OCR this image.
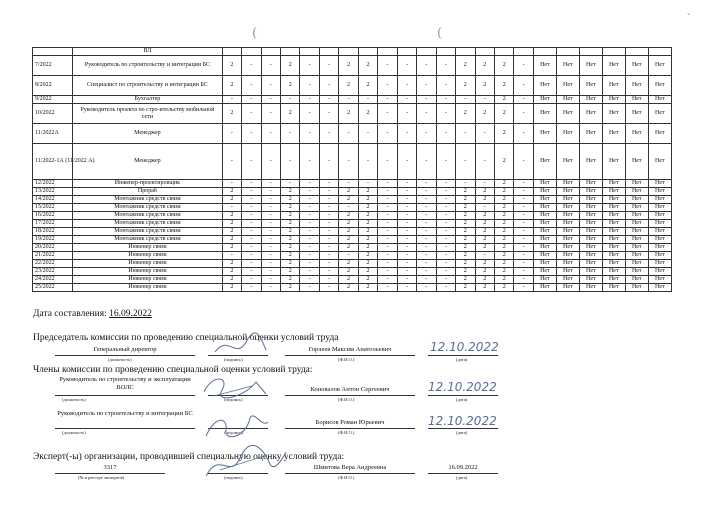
(	(
ˇ
	ВЛ																						
7/2022	Руководитель по строительству и интеграции БС	2	-	-	2	-	-	2	2	-	-	-	-	2	2	2	-	Нет	Нет	Нет	Нет	Нет	Нет
8/2022	Специалист по строительству и интеграции БС	2	-	-	2	-	-	2	2	-	-	-	-	2	2	2	-	Нет	Нет	Нет	Нет	Нет	Нет
9/2022	Бухгалтер	-	-	-	-	-	-	-	-	-	-	-	-	-	-	2	-	Нет	Нет	Нет	Нет	Нет	Нет
10/2022	Руководитель проекта по стро-ительству мобильной сети	2	-	-	2	-	-	2	2	-	-	-	-	2	2	2	-	Нет	Нет	Нет	Нет	Нет	Нет
11/2022А	Менеджер	-	-	-	-	-	-	-	-	-	-	-	-	-	-	2	-	Нет	Нет	Нет	Нет	Нет	Нет
11/2022-1А (11/2022 А)	Менеджер	-	-	-	-	-	-	-	-	-	-	-	-	-	-	2	-	Нет	Нет	Нет	Нет	Нет	Нет
12/2022	Инженер-проектировщик	-	-	-	-	-	-	-	-	-	-	-	-	-	-	2	-	Нет	Нет	Нет	Нет	Нет	Нет
13/2022	Прораб	2	-	-	2	-	-	2	2	-	-	-	-	2	2	2	-	Нет	Нет	Нет	Нет	Нет	Нет
14/2022	Монтажник средств связи	2	-	-	2	-	-	2	2	-	-	-	-	2	2	2	-	Нет	Нет	Нет	Нет	Нет	Нет
15/2022	Монтажник средств связи	-	-	-	2	-	-	-	2	-	-	-	-	2	-	2	-	Нет	Нет	Нет	Нет	Нет	Нет
16/2022	Монтажник средств связи	2	-	-	2	-	-	2	2	-	-	-	-	2	2	2	-	Нет	Нет	Нет	Нет	Нет	Нет
17/2022	Монтажник средств связи	2	-	-	2	-	-	2	2	-	-	-	-	2	2	2	-	Нет	Нет	Нет	Нет	Нет	Нет
18/2022	Монтажник средств связи	2	-	-	2	-	-	2	2	-	-	-	-	2	2	2	-	Нет	Нет	Нет	Нет	Нет	Нет
19/2022	Монтажник средств связи	2	-	-	2	-	-	2	2	-	-	-	-	2	2	2	-	Нет	Нет	Нет	Нет	Нет	Нет
20/2022	Инженер связи	2	-	-	2	-	-	2	2	-	-	-	-	2	2	2	-	Нет	Нет	Нет	Нет	Нет	Нет
21/2022	Инженер связи	-	-	-	2	-	-	-	2	-	-	-	-	2	-	2	-	Нет	Нет	Нет	Нет	Нет	Нет
22/2022	Инженер связи	2	-	-	2	-	-	2	2	-	-	-	-	2	2	2	-	Нет	Нет	Нет	Нет	Нет	Нет
23/2022	Инженер связи	2	-	-	2	-	-	2	2	-	-	-	-	2	2	2	-	Нет	Нет	Нет	Нет	Нет	Нет
24/2022	Инженер связи	2	-	-	2	-	-	2	2	-	-	-	-	2	2	2	-	Нет	Нет	Нет	Нет	Нет	Нет
25/2022	Инженер связи	2	-	-	2	-	-	2	2	-	-	-	-	2	2	2	-	Нет	Нет	Нет	Нет	Нет	Нет
Дата составления: 16.09.2022
Председатель комиссии по проведению специальной оценки условий труда
Генеральный директор
(должность)	(подпись)
Горлеев Максим Анатольевич
(Ф.И.О.)
12.10.2022
(дата)
Члены комиссии по проведению специальной оценки условий труда:
Руководитель по строительству и эксплуатации ВОЛС
(должность)	(подпись)
Коновалов Антон Сергеевич
(Ф.И.О.)
12.10.2022
(дата)
Руководитель по строительству и интеграции БС
(должность)	(подпись)
Борисов Роман Юрьевич
(Ф.И.О.)
12.10.2022
(дата)
Эксперт(-ы) организации, проводившей специальную оценку условий труда:
3317
(№ в реестре экспертов)	(подпись)
Шмитова Вера Андреевна
(Ф.И.О.)
16.09.2022
(дата)
